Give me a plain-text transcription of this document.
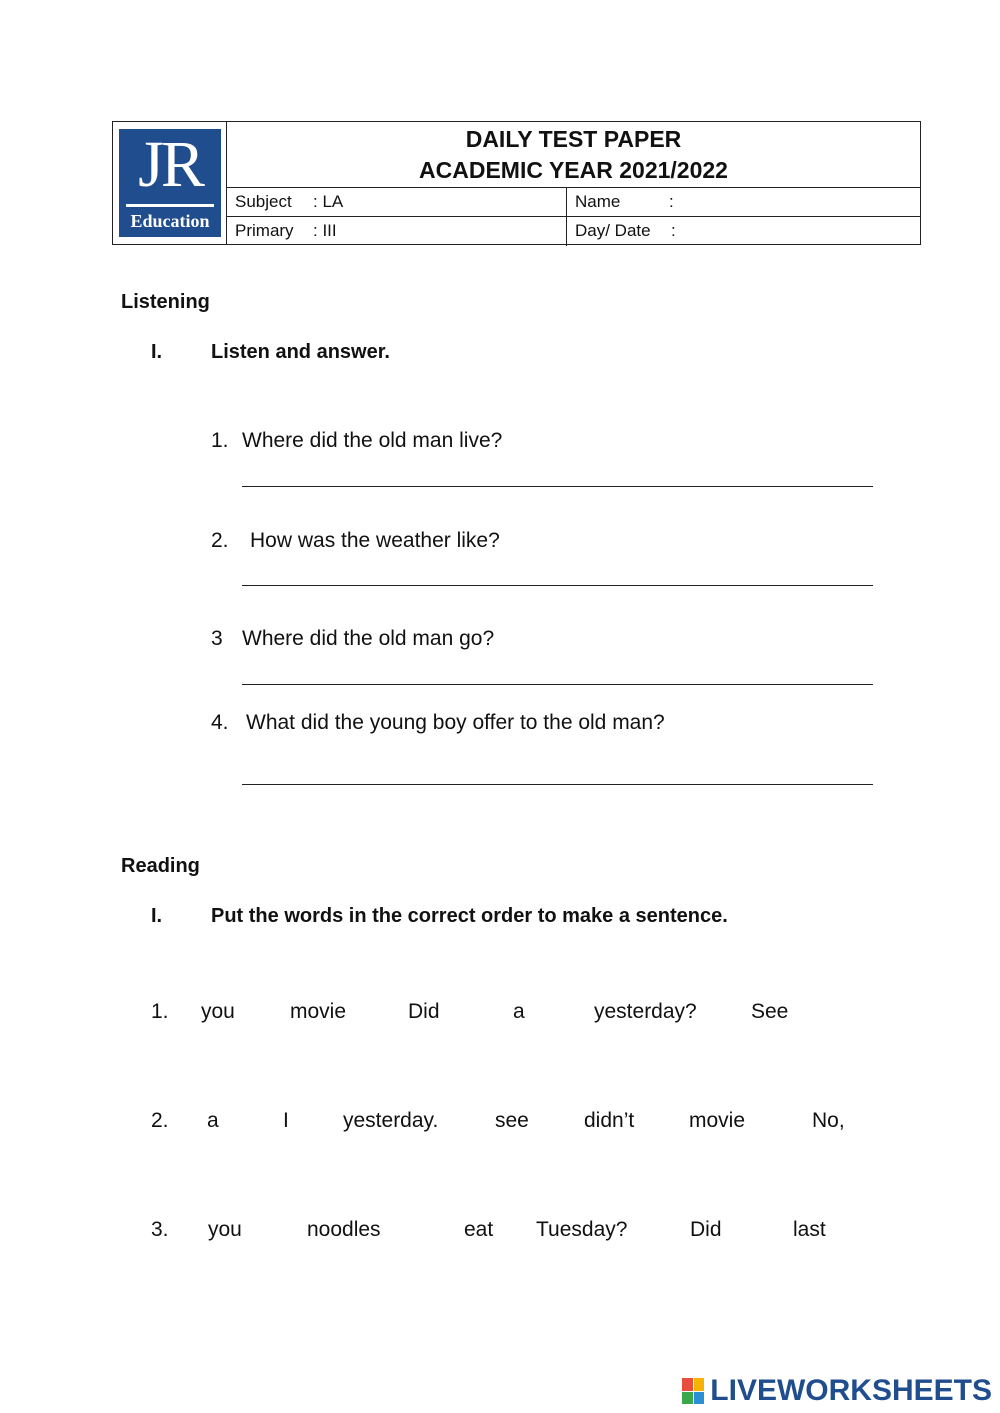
JR
Education
DAILY TEST PAPER
ACADEMIC YEAR 2021/2022
Subject : LA	Name	:
Primary : III	Day/ Date :
Listening
I. Listen and answer.
1. Where did the old man live?
2. How was the weather like?
3 Where did the old man go?
4. What did the young boy offer to the old man?
Reading
I. Put the words in the correct order to make a sentence.
1. you	movie	Did	a	yesterday?	See
2. a	I	yesterday.	see	didn’t	movie	No,
3. you	noodles	eat Tuesday?	Did	last
LIVEWORKSHEETS
